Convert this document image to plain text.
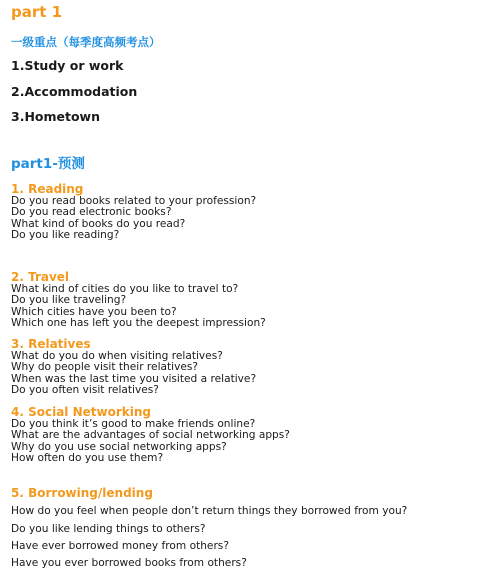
part 1
一级重点（每季度高频考点）
1.Study or work
2.Accommodation
3.Hometown
part1-预测
1. Reading
Do you read books related to your profession?
Do you read electronic books?
What kind of books do you read?
Do you like reading?
2. Travel
What kind of cities do you like to travel to?
Do you like traveling?
Which cities have you been to?
Which one has left you the deepest impression?
3. Relatives
What do you do when visiting relatives?
Why do people visit their relatives?
When was the last time you visited a relative?
Do you often visit relatives?
4. Social Networking
Do you think it’s good to make friends online?
What are the advantages of social networking apps?
Why do you use social networking apps?
How often do you use them?
5. Borrowing/lending
How do you feel when people don’t return things they borrowed from you?
Do you like lending things to others?
Have ever borrowed money from others?
Have you ever borrowed books from others?
